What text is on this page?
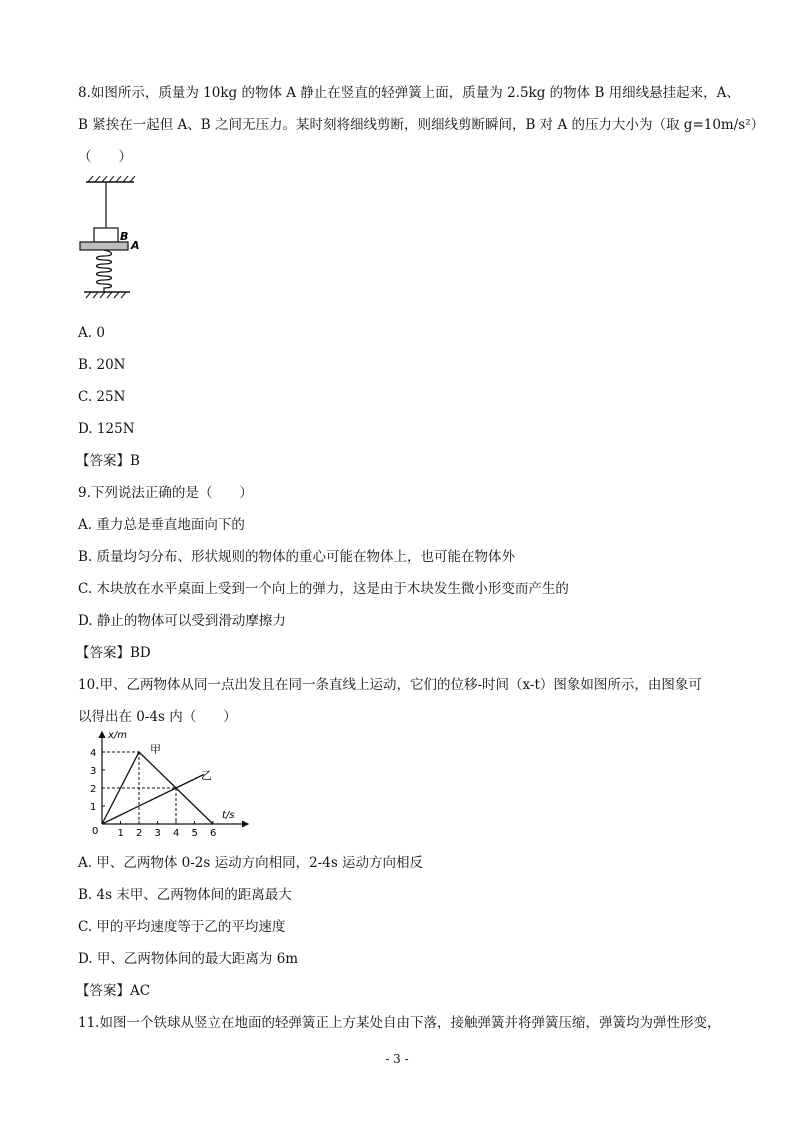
8.如图所示，质量为 10kg 的物体 A 静止在竖直的轻弹簧上面，质量为 2.5kg 的物体 B 用细线悬挂起来，A、
B 紧挨在一起但 A、B 之间无压力。某时刻将细线剪断，则细线剪断瞬间，B 对 A 的压力大小为（取 g=10m/s²）
（　　）
B
A
A. 0
B. 20N
C. 25N
D. 125N
【答案】B
9.下列说法正确的是（　　）
A. 重力总是垂直地面向下的
B. 质量均匀分布、形状规则的物体的重心可能在物体上，也可能在物体外
C. 木块放在水平桌面上受到一个向上的弹力，这是由于木块发生微小形变而产生的
D. 静止的物体可以受到滑动摩擦力
【答案】BD
10.甲、乙两物体从同一点出发且在同一条直线上运动，它们的位移-时间（x-t）图象如图所示，由图象可
以得出在 0-4s 内（　　）
x/m
t/s
0 1 2 3 4 5 6
1
2
3
4	甲
乙
A. 甲、乙两物体 0-2s 运动方向相同，2-4s 运动方向相反
B. 4s 末甲、乙两物体间的距离最大
C. 甲的平均速度等于乙的平均速度
D. 甲、乙两物体间的最大距离为 6m
【答案】AC
11.如图一个铁球从竖立在地面的轻弹簧正上方某处自由下落，接触弹簧并将弹簧压缩，弹簧均为弹性形变，
- 3 -
